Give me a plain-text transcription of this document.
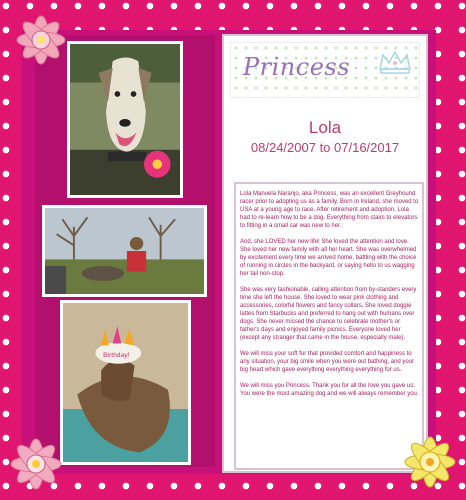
Birthday!
Princess
Lola
08/24/2007 to 07/16/2017

Lola Manuela Naranjo, aka Princess, was an excellent Greyhound racer prior to adopting us as a family. Born in Ireland, she moved to USA at a young age to race. After retirement and adoption, Lola had to re-learn how to be a dog. Everything from stairs to elevators to fitting in a small car was new to her.

And, she LOVED her new life! She loved the attention and love. She loved her new family with all her heart. She was overwhelmed by excitement every time we arrived home, battling with the choice of running in circles in the backyard, or saying hello to us wagging her tail non-stop.

She was very fashionable, calling attention from by-standers every time she left the house. She loved to wear pink clothing and accessories, colorful flowers and fancy collars. She loved doggie lattes from Starbucks and preferred to hang out with humans over dogs. She never missed the chance to celebrate mother's or father's days and enjoyed family picnics. Everyone loved her (except any stranger that came in the house, especially male).

We will miss your soft fur that provided comfort and happiness to any situation, your big smile when you were out bathing, and your big heart which gave everything everything everything for us.

We will miss you Princess. Thank you for all the love you gave us. You were the most amazing dog and we will always remember you.
